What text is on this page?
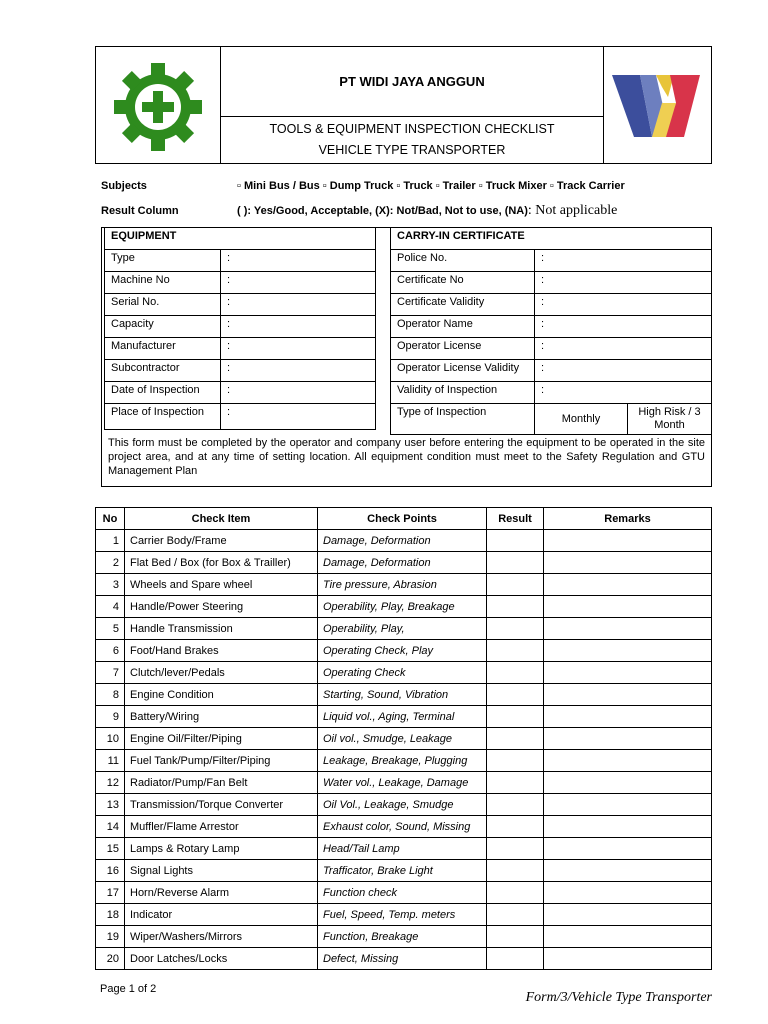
PT WIDI JAYA ANGGUN
TOOLS & EQUIPMENT INSPECTION CHECKLIST
VEHICLE TYPE TRANSPORTER
Subjects	▫ Mini Bus / Bus ▫ Dump Truck ▫ Truck ▫ Trailer ▫ Truck Mixer ▫ Track Carrier
Result Column	( ): Yes/Good, Acceptable, (X): Not/Bad, Not to use, (NA): Not applicable
EQUIPMENT	
Type	:
Machine No	:
Serial No.	:
Capacity	:
Manufacturer	:
Subcontractor	:
Date of Inspection	:
Place of Inspection	:
CARRY-IN CERTIFICATE		
Police No.	:	
Certificate No	:	
Certificate Validity	:	
Operator Name	:	
Operator License	:	
Operator License Validity	:	
Validity of Inspection	:	
Type of Inspection	Monthly	High Risk / 3 Month
This form must be completed by the operator and company user before entering the equipment to be operated in the site project area, and at any time of setting location. All equipment condition must meet to the Safety Regulation and GTU Management Plan
No	Check Item	Check Points	Result	Remarks
1	Carrier Body/Frame	Damage, Deformation		
2	Flat Bed / Box (for Box & Trailler)	Damage, Deformation		
3	Wheels and Spare wheel	Tire pressure, Abrasion		
4	Handle/Power Steering	Operability, Play, Breakage		
5	Handle Transmission	Operability, Play,		
6	Foot/Hand Brakes	Operating Check, Play		
7	Clutch/lever/Pedals	Operating Check		
8	Engine Condition	Starting, Sound, Vibration		
9	Battery/Wiring	Liquid vol., Aging, Terminal		
10	Engine Oil/Filter/Piping	Oil vol., Smudge, Leakage		
11	Fuel Tank/Pump/Filter/Piping	Leakage, Breakage, Plugging		
12	Radiator/Pump/Fan Belt	Water vol., Leakage, Damage		
13	Transmission/Torque Converter	Oil Vol., Leakage, Smudge		
14	Muffler/Flame Arrestor	Exhaust color, Sound, Missing		
15	Lamps & Rotary Lamp	Head/Tail Lamp		
16	Signal Lights	Trafficator, Brake Light		
17	Horn/Reverse Alarm	Function check		
18	Indicator	Fuel, Speed, Temp. meters		
19	Wiper/Washers/Mirrors	Function, Breakage		
20	Door Latches/Locks	Defect, Missing		
Page 1 of 2
Form/3/Vehicle Type Transporter
